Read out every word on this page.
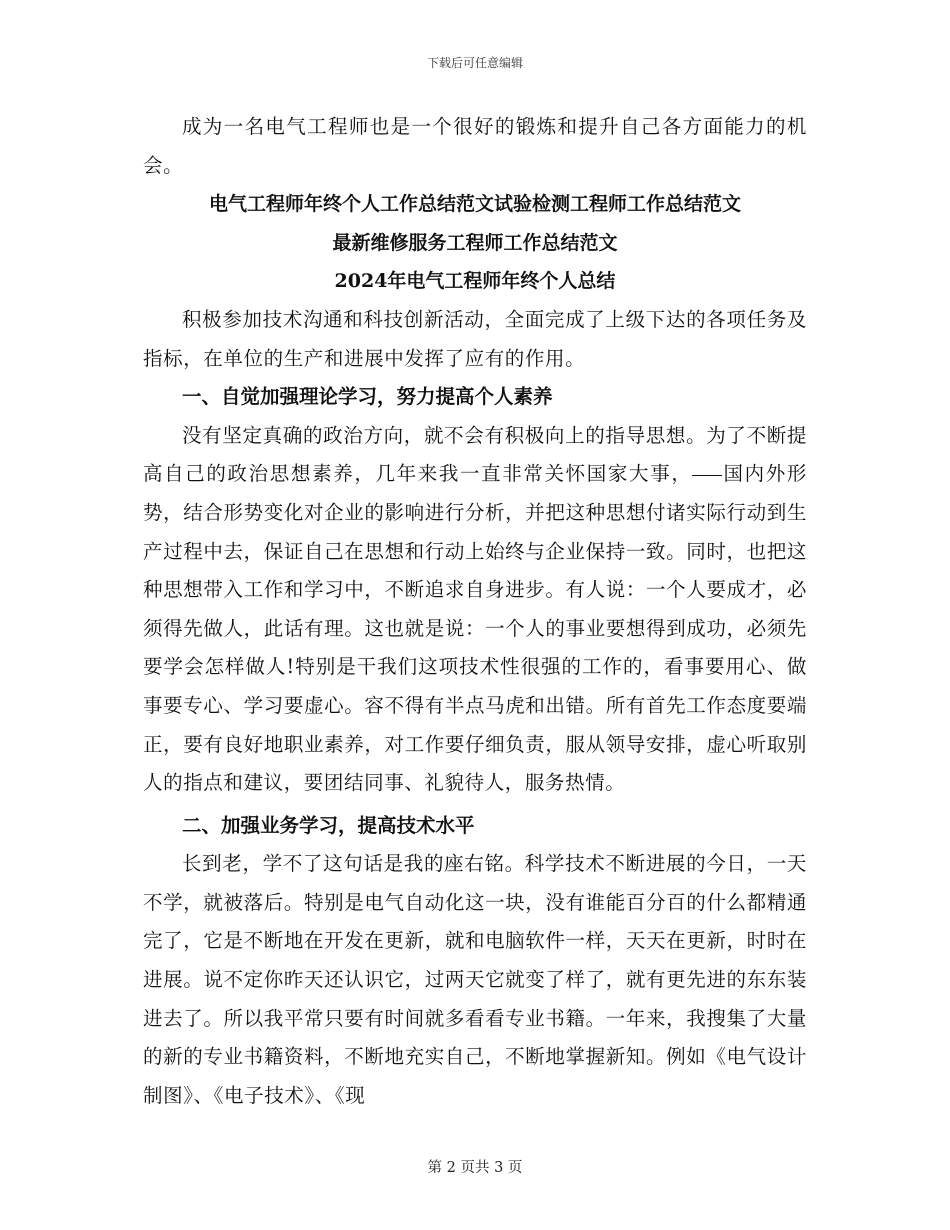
下载后可任意编辑

成为一名电气工程师也是一个很好的锻炼和提升自己各方面能力的机会。

电气工程师年终个人工作总结范文试验检测工程师工作总结范文

最新维修服务工程师工作总结范文

2024年电气工程师年终个人总结

积极参加技术沟通和科技创新活动，全面完成了上级下达的各项任务及指标，在单位的生产和进展中发挥了应有的作用。

一、自觉加强理论学习，努力提高个人素养

没有坚定真确的政治方向，就不会有积极向上的指导思想。为了不断提高自己的政治思想素养，几年来我一直非常关怀国家大事， 国内外形势，结合形势变化对企业的影响进行分析，并把这种思想付诸实际行动到生产过程中去，保证自己在思想和行动上始终与企业保持一致。同时，也把这种思想带入工作和学习中，不断追求自身进步。有人说：一个人要成才，必须得先做人，此话有理。这也就是说：一个人的事业要想得到成功，必须先要学会怎样做人!特别是干我们这项技术性很强的工作的，看事要用心、做事要专心、学习要虚心。容不得有半点马虎和出错。所有首先工作态度要端正，要有良好地职业素养，对工作要仔细负责，服从领导安排，虚心听取别人的指点和建议，要团结同事、礼貌待人，服务热情。

二、加强业务学习，提高技术水平

长到老，学不了这句话是我的座右铭。科学技术不断进展的今日，一天不学，就被落后。特别是电气自动化这一块，没有谁能百分百的什么都精通完了，它是不断地在开发在更新，就和电脑软件一样，天天在更新，时时在进展。说不定你昨天还认识它，过两天它就变了样了，就有更先进的东东装进去了。所以我平常只要有时间就多看看专业书籍。一年来，我搜集了大量的新的专业书籍资料，不断地充实自己，不断地掌握新知。例如《电气设计制图》、《电子技术》、《现

第 2 页共 3 页
